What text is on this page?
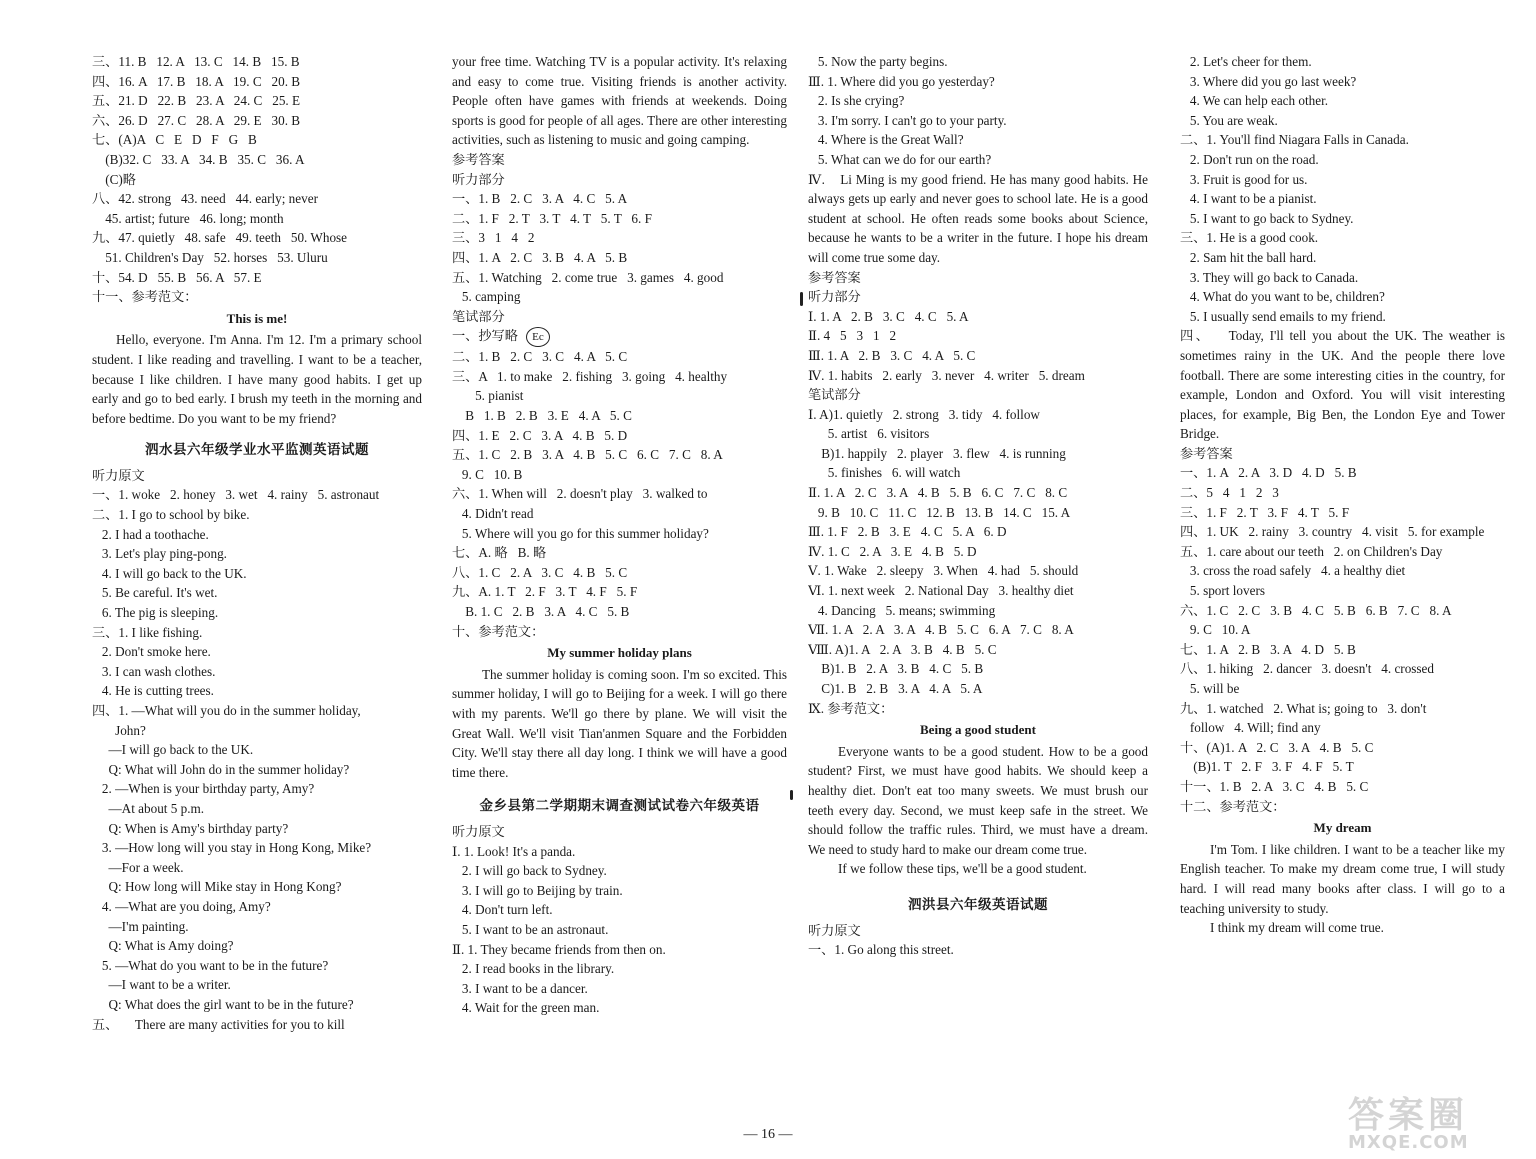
三、11. B   12. A   13. C   14. B   15. B
四、16. A   17. B   18. A   19. C   20. B
五、21. D   22. B   23. A   24. C   25. E
六、26. D   27. C   28. A   29. E   30. B
七、(A)A   C   E   D   F   G   B
(B)32. C   33. A   34. B   35. C   36. A
(C)略
八、42. strong   43. need   44. early; never
45. artist; future   46. long; month
九、47. quietly   48. safe   49. teeth   50. Whose
51. Children's Day   52. horses   53. Uluru
十、54. D   55. B   56. A   57. E
十一、参考范文：
This is me!
Hello, everyone. I'm Anna. I'm 12. I'm a primary school student. I like reading and travelling. I want to be a teacher, because I like children. I have many good habits. I get up early and go to bed early. I brush my teeth in the morning and before bedtime. Do you want to be my friend?
泗水县六年级学业水平监测英语试题
听力原文
一、1. woke   2. honey   3. wet   4. rainy   5. astronaut
二、1. I go to school by bike.
2. I had a toothache.
3. Let's play ping-pong.
4. I will go back to the UK.
5. Be careful. It's wet.
6. The pig is sleeping.
三、1. I like fishing.
2. Don't smoke here.
3. I can wash clothes.
4. He is cutting trees.
四、1. —What will you do in the summer holiday,
John?
—I will go back to the UK.
Q: What will John do in the summer holiday?
2. —When is your birthday party, Amy?
—At about 5 p.m.
Q: When is Amy's birthday party?
3. —How long will you stay in Hong Kong, Mike?
—For a week.
Q: How long will Mike stay in Hong Kong?
4. —What are you doing, Amy?
—I'm painting.
Q: What is Amy doing?
5. —What do you want to be in the future?
—I want to be a writer.
Q: What does the girl want to be in the future?
五、     There are many activities for you to kill
your free time. Watching TV is a popular activity. It's relaxing and easy to come true. Visiting friends is another activity. People often have games with friends at weekends. Doing sports is good for people of all ages. There are other interesting activities, such as listening to music and going camping.
参考答案
听力部分
一、1. B   2. C   3. A   4. C   5. A
二、1. F   2. T   3. T   4. T   5. T   6. F
三、3   1   4   2
四、1. A   2. C   3. B   4. A   5. B
五、1. Watching   2. come true   3. games   4. good
5. camping
笔试部分
一、抄写略 Ec
二、1. B   2. C   3. C   4. A   5. C
三、A   1. to make   2. fishing   3. going   4. healthy
5. pianist
B   1. B   2. B   3. E   4. A   5. C
四、1. E   2. C   3. A   4. B   5. D
五、1. C   2. B   3. A   4. B   5. C   6. C   7. C   8. A
9. C   10. B
六、1. When will   2. doesn't play   3. walked to
4. Didn't read
5. Where will you go for this summer holiday?
七、A. 略   B. 略
八、1. C   2. A   3. C   4. B   5. C
九、A. 1. T   2. F   3. T   4. F   5. F
B. 1. C   2. B   3. A   4. C   5. B
十、参考范文：
My summer holiday plans
The summer holiday is coming soon. I'm so excited. This summer holiday, I will go to Beijing for a week. I will go there with my parents. We'll go there by plane. We will visit the Great Wall. We'll visit Tian'anmen Square and the Forbidden City. We'll stay there all day long. I think we will have a good time there.
金乡县第二学期期末调查测试试卷六年级英语
听力原文
Ⅰ. 1. Look! It's a panda.
2. I will go back to Sydney.
3. I will go to Beijing by train.
4. Don't turn left.
5. I want to be an astronaut.
Ⅱ. 1. They became friends from then on.
2. I read books in the library.
3. I want to be a dancer.
4. Wait for the green man.
5. Now the party begins.
Ⅲ. 1. Where did you go yesterday?
2. Is she crying?
3. I'm sorry. I can't go to your party.
4. Where is the Great Wall?
5. What can we do for our earth?
Ⅳ. Li Ming is my good friend. He has many good habits. He always gets up early and never goes to school late. He is a good student at school. He often reads some books about Science, because he wants to be a writer in the future. I hope his dream will come true some day.
参考答案
听力部分
Ⅰ. 1. A   2. B   3. C   4. C   5. A
Ⅱ. 4   5   3   1   2
Ⅲ. 1. A   2. B   3. C   4. A   5. C
Ⅳ. 1. habits   2. early   3. never   4. writer   5. dream
笔试部分
Ⅰ. A)1. quietly   2. strong   3. tidy   4. follow
5. artist   6. visitors
B)1. happily   2. player   3. flew   4. is running
5. finishes   6. will watch
Ⅱ. 1. A   2. C   3. A   4. B   5. B   6. C   7. C   8. C
9. B   10. C   11. C   12. B   13. B   14. C   15. A
Ⅲ. 1. F   2. B   3. E   4. C   5. A   6. D
Ⅳ. 1. C   2. A   3. E   4. B   5. D
Ⅴ. 1. Wake   2. sleepy   3. When   4. had   5. should
Ⅵ. 1. next week   2. National Day   3. healthy diet
4. Dancing   5. means; swimming
Ⅶ. 1. A   2. A   3. A   4. B   5. C   6. A   7. C   8. A
Ⅷ. A)1. A   2. A   3. B   4. B   5. C
B)1. B   2. A   3. B   4. C   5. B
C)1. B   2. B   3. A   4. A   5. A
Ⅸ. 参考范文：
Being a good student
Everyone wants to be a good student. How to be a good student? First, we must have good habits. We should keep a healthy diet. Don't eat too many sweets. We must brush our teeth every day. Second, we must keep safe in the street. We should follow the traffic rules. Third, we must have a dream. We need to study hard to make our dream come true.
If we follow these tips, we'll be a good student.
泗洪县六年级英语试题
听力原文
一、1. Go along this street.
2. Let's cheer for them.
3. Where did you go last week?
4. We can help each other.
5. You are weak.
二、1. You'll find Niagara Falls in Canada.
2. Don't run on the road.
3. Fruit is good for us.
4. I want to be a pianist.
5. I want to go back to Sydney.
三、1. He is a good cook.
2. Sam hit the ball hard.
3. They will go back to Canada.
4. What do you want to be, children?
5. I usually send emails to my friend.
四、 Today, I'll tell you about the UK. The weather is sometimes rainy in the UK. And the people there love football. There are some interesting cities in the country, for example, London and Oxford. You will visit interesting places, for example, Big Ben, the London Eye and Tower Bridge.
参考答案
一、1. A   2. A   3. D   4. D   5. B
二、5   4   1   2   3
三、1. F   2. T   3. F   4. T   5. F
四、1. UK   2. rainy   3. country   4. visit   5. for example
五、1. care about our teeth   2. on Children's Day
3. cross the road safely   4. a healthy diet
5. sport lovers
六、1. C   2. C   3. B   4. C   5. B   6. B   7. C   8. A
9. C   10. A
七、1. A   2. B   3. A   4. D   5. B
八、1. hiking   2. dancer   3. doesn't   4. crossed
5. will be
九、1. watched   2. What is; going to   3. don't
follow   4. Will; find any
十、(A)1. A   2. C   3. A   4. B   5. C
(B)1. T   2. F   3. F   4. F   5. T
十一、1. B   2. A   3. C   4. B   5. C
十二、参考范文：
My dream
I'm Tom. I like children. I want to be a teacher like my English teacher. To make my dream come true, I will study hard. I will read many books after class. I will go to a teaching university to study.
I think my dream will come true.
— 16 —	答案圈
MXQE.COM
